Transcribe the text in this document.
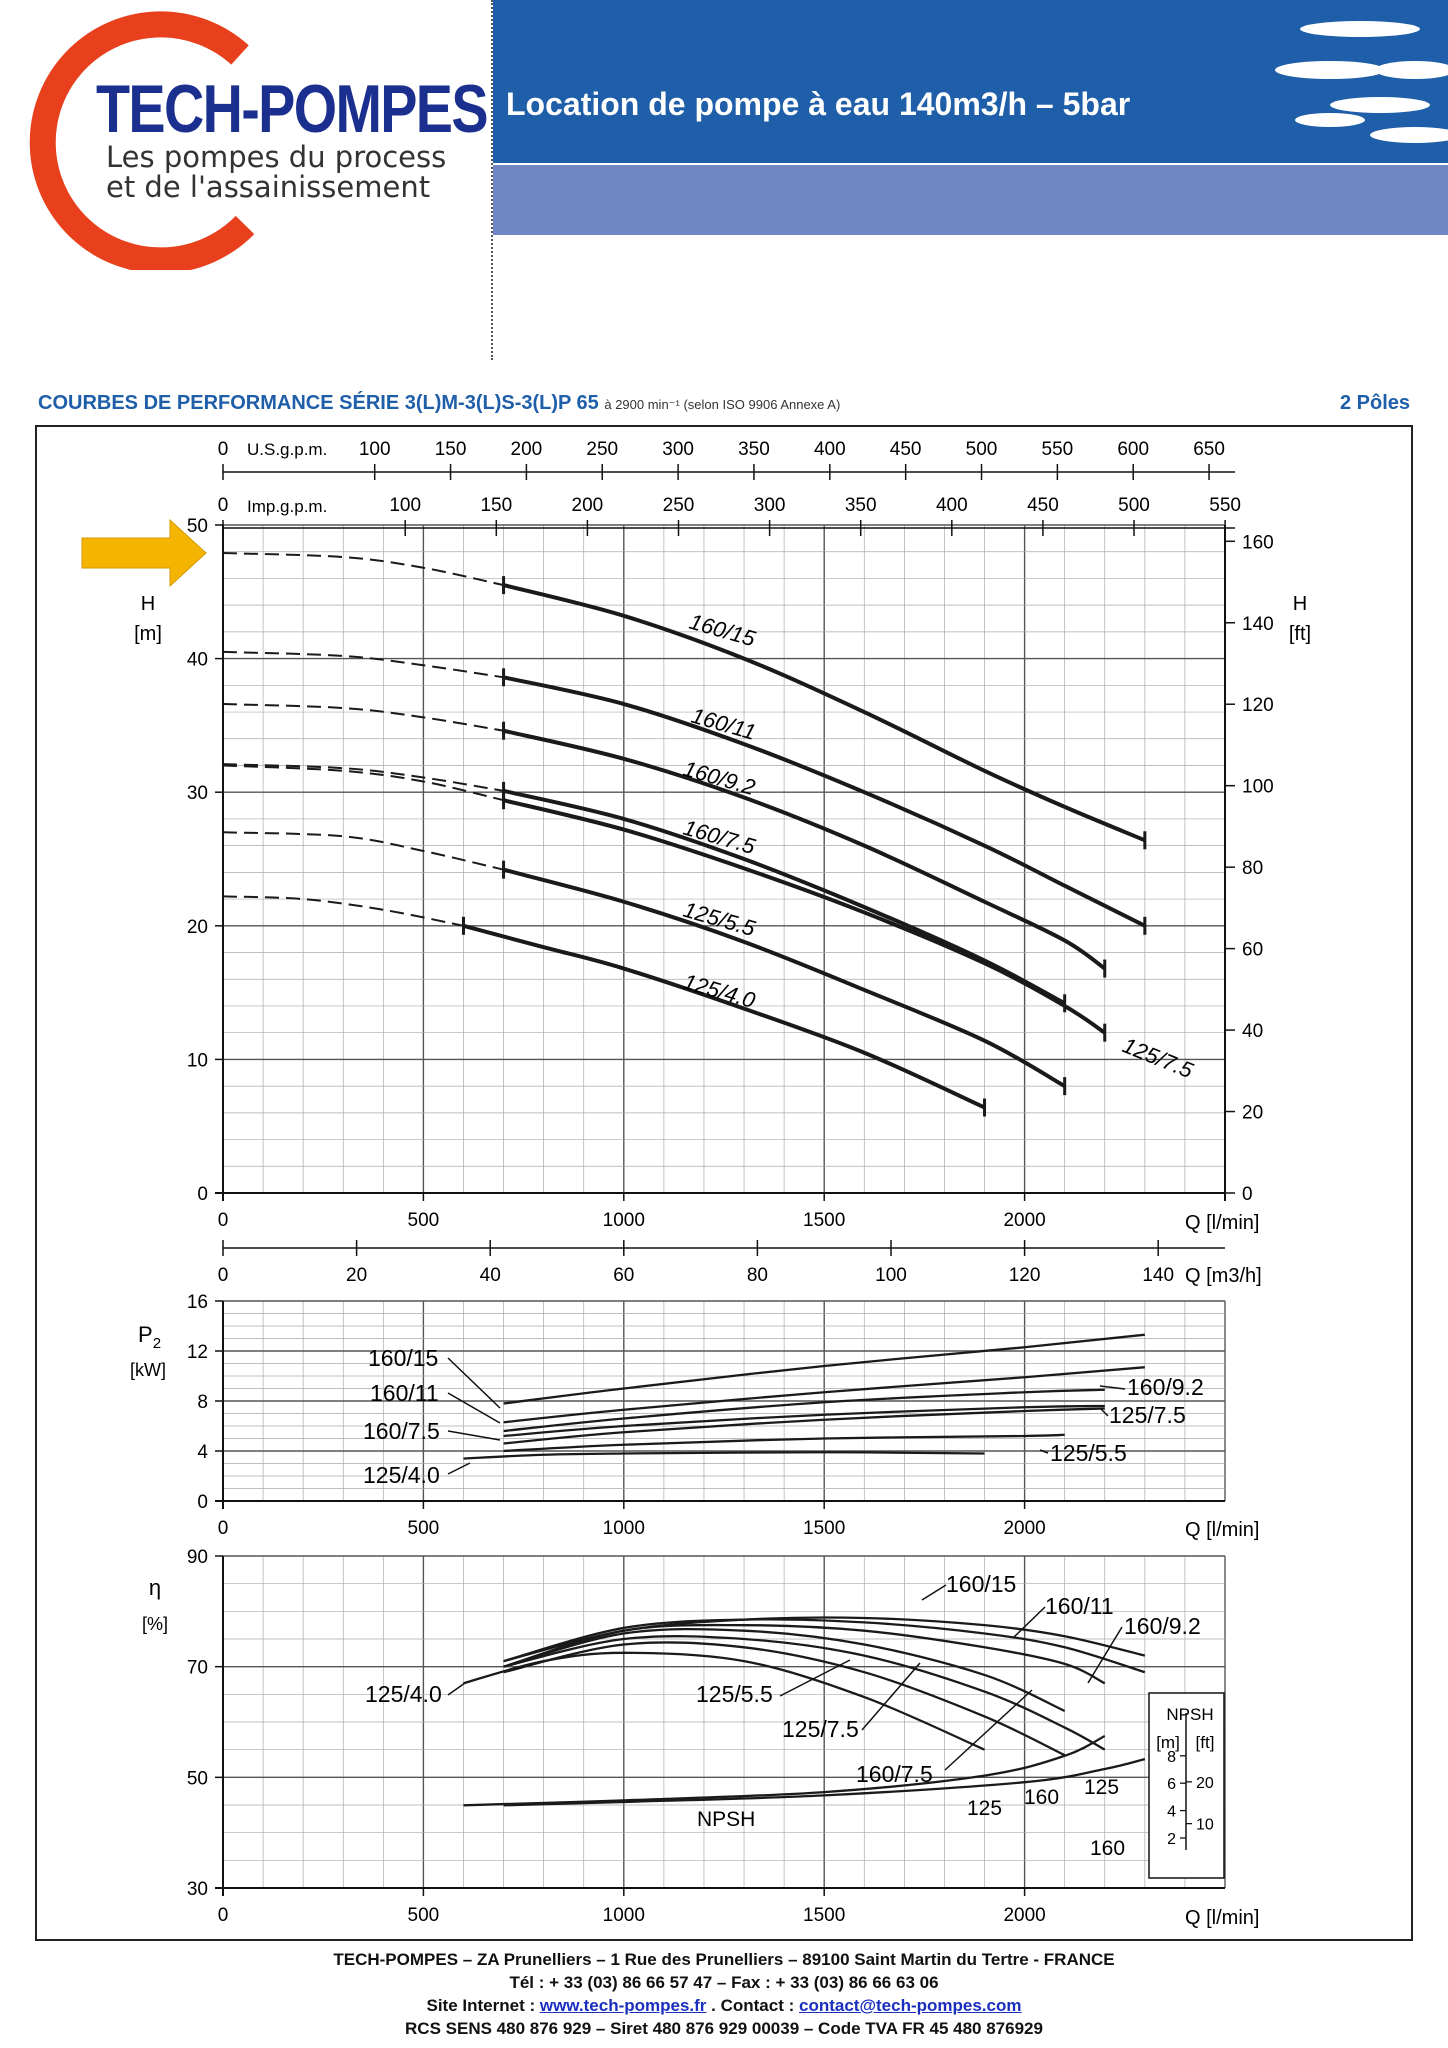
TECH-POMPES
Les pompes du process
et de l'assainissement
Location de pompe à eau 140m3/h – 5bar
COURBES DE PERFORMANCE SÉRIE 3(L)M-3(L)S-3(L)P 65 à 2900 min⁻¹ (selon ISO 9906 Annexe A)	2 Pôles
0	500	1000	1500	2000
0
10
20
30
40
50
0	500	1000	1500	2000
0
4
8
12
16
0	500	1000	1500	2000
30
50
70
90
0
20
40
60
80
100
120
140
160
0	100 150 200 250 300 350 400 450 500 550 600 650
0	100	150	200	250	300	350	400	450	500	550
0	20	40	60	80	100	120	140
H
[m]
H
[ft]
Q [l/min]
Q [m3/h]
U.S.g.p.m.
Imp.g.p.m.
160/15
160/11
160/9.2
160/7.5
125/7.5
125/5.5
125/4.0
$P_2$
[kW]
Q [l/min]
160/15
160/11	160/9.2
160/7.5
125/7.5
125/5.5
125/4.0
η
[%]
Q [l/min]
160/15
160/11
160/9.2
160/7.5
125/7.5
125/5.5
125/4.0
NPSH	125 160 125
160
NPSH
[m] [ft]
2
4
6
8
10
20
TECH-POMPES – ZA Prunelliers – 1 Rue des Prunelliers – 89100 Saint Martin du Tertre - FRANCE
Tél : + 33 (03) 86 66 57 47 – Fax : + 33 (03) 86 66 63 06
Site Internet : www.tech-pompes.fr . Contact : contact@tech-pompes.com
RCS SENS 480 876 929 – Siret 480 876 929 00039 – Code TVA FR 45 480 876929
